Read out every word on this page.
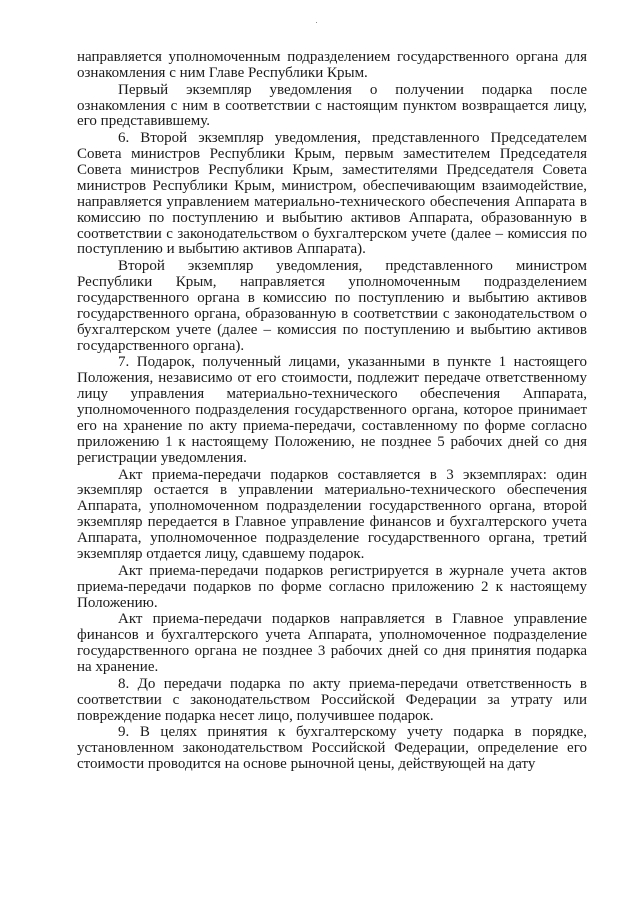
направляется уполномоченным подразделением государственного органа для ознакомления с ним Главе Республики Крым.

Первый экземпляр уведомления о получении подарка после ознакомления с ним в соответствии с настоящим пунктом возвращается лицу, его представившему.

6. Второй экземпляр уведомления, представленного Председателем Совета министров Республики Крым, первым заместителем Председателя Совета министров Республики Крым, заместителями Председателя Совета министров Республики Крым, министром, обеспечивающим взаимодействие, направляется управлением материально-технического обеспечения Аппарата в комиссию по поступлению и выбытию активов Аппарата, образованную в соответствии с законодательством о бухгалтерском учете (далее – комиссия по поступлению и выбытию активов Аппарата).

Второй экземпляр уведомления, представленного министром Республики Крым, направляется уполномоченным подразделением государственного органа в комиссию по поступлению и выбытию активов государственного органа, образованную в соответствии с законодательством о бухгалтерском учете (далее – комиссия по поступлению и выбытию активов государственного органа).

7. Подарок, полученный лицами, указанными в пункте 1 настоящего Положения, независимо от его стоимости, подлежит передаче ответственному лицу управления материально-технического обеспечения Аппарата, уполномоченного подразделения государственного органа, которое принимает его на хранение по акту приема-передачи, составленному по форме согласно приложению 1 к настоящему Положению, не позднее 5 рабочих дней со дня регистрации уведомления.

Акт приема-передачи подарков составляется в 3 экземплярах: один экземпляр остается в управлении материально-технического обеспечения Аппарата, уполномоченном подразделении государственного органа, второй экземпляр передается в Главное управление финансов и бухгалтерского учета Аппарата, уполномоченное подразделение государственного органа, третий экземпляр отдается лицу, сдавшему подарок.

Акт приема-передачи подарков регистрируется в журнале учета актов приема-передачи подарков по форме согласно приложению 2 к настоящему Положению.

Акт приема-передачи подарков направляется в Главное управление финансов и бухгалтерского учета Аппарата, уполномоченное подразделение государственного органа не позднее 3 рабочих дней со дня принятия подарка на хранение.

8. До передачи подарка по акту приема-передачи ответственность в соответствии с законодательством Российской Федерации за утрату или повреждение подарка несет лицо, получившее подарок.

9. В целях принятия к бухгалтерскому учету подарка в порядке, установленном законодательством Российской Федерации, определение его стоимости проводится на основе рыночной цены, действующей на дату
